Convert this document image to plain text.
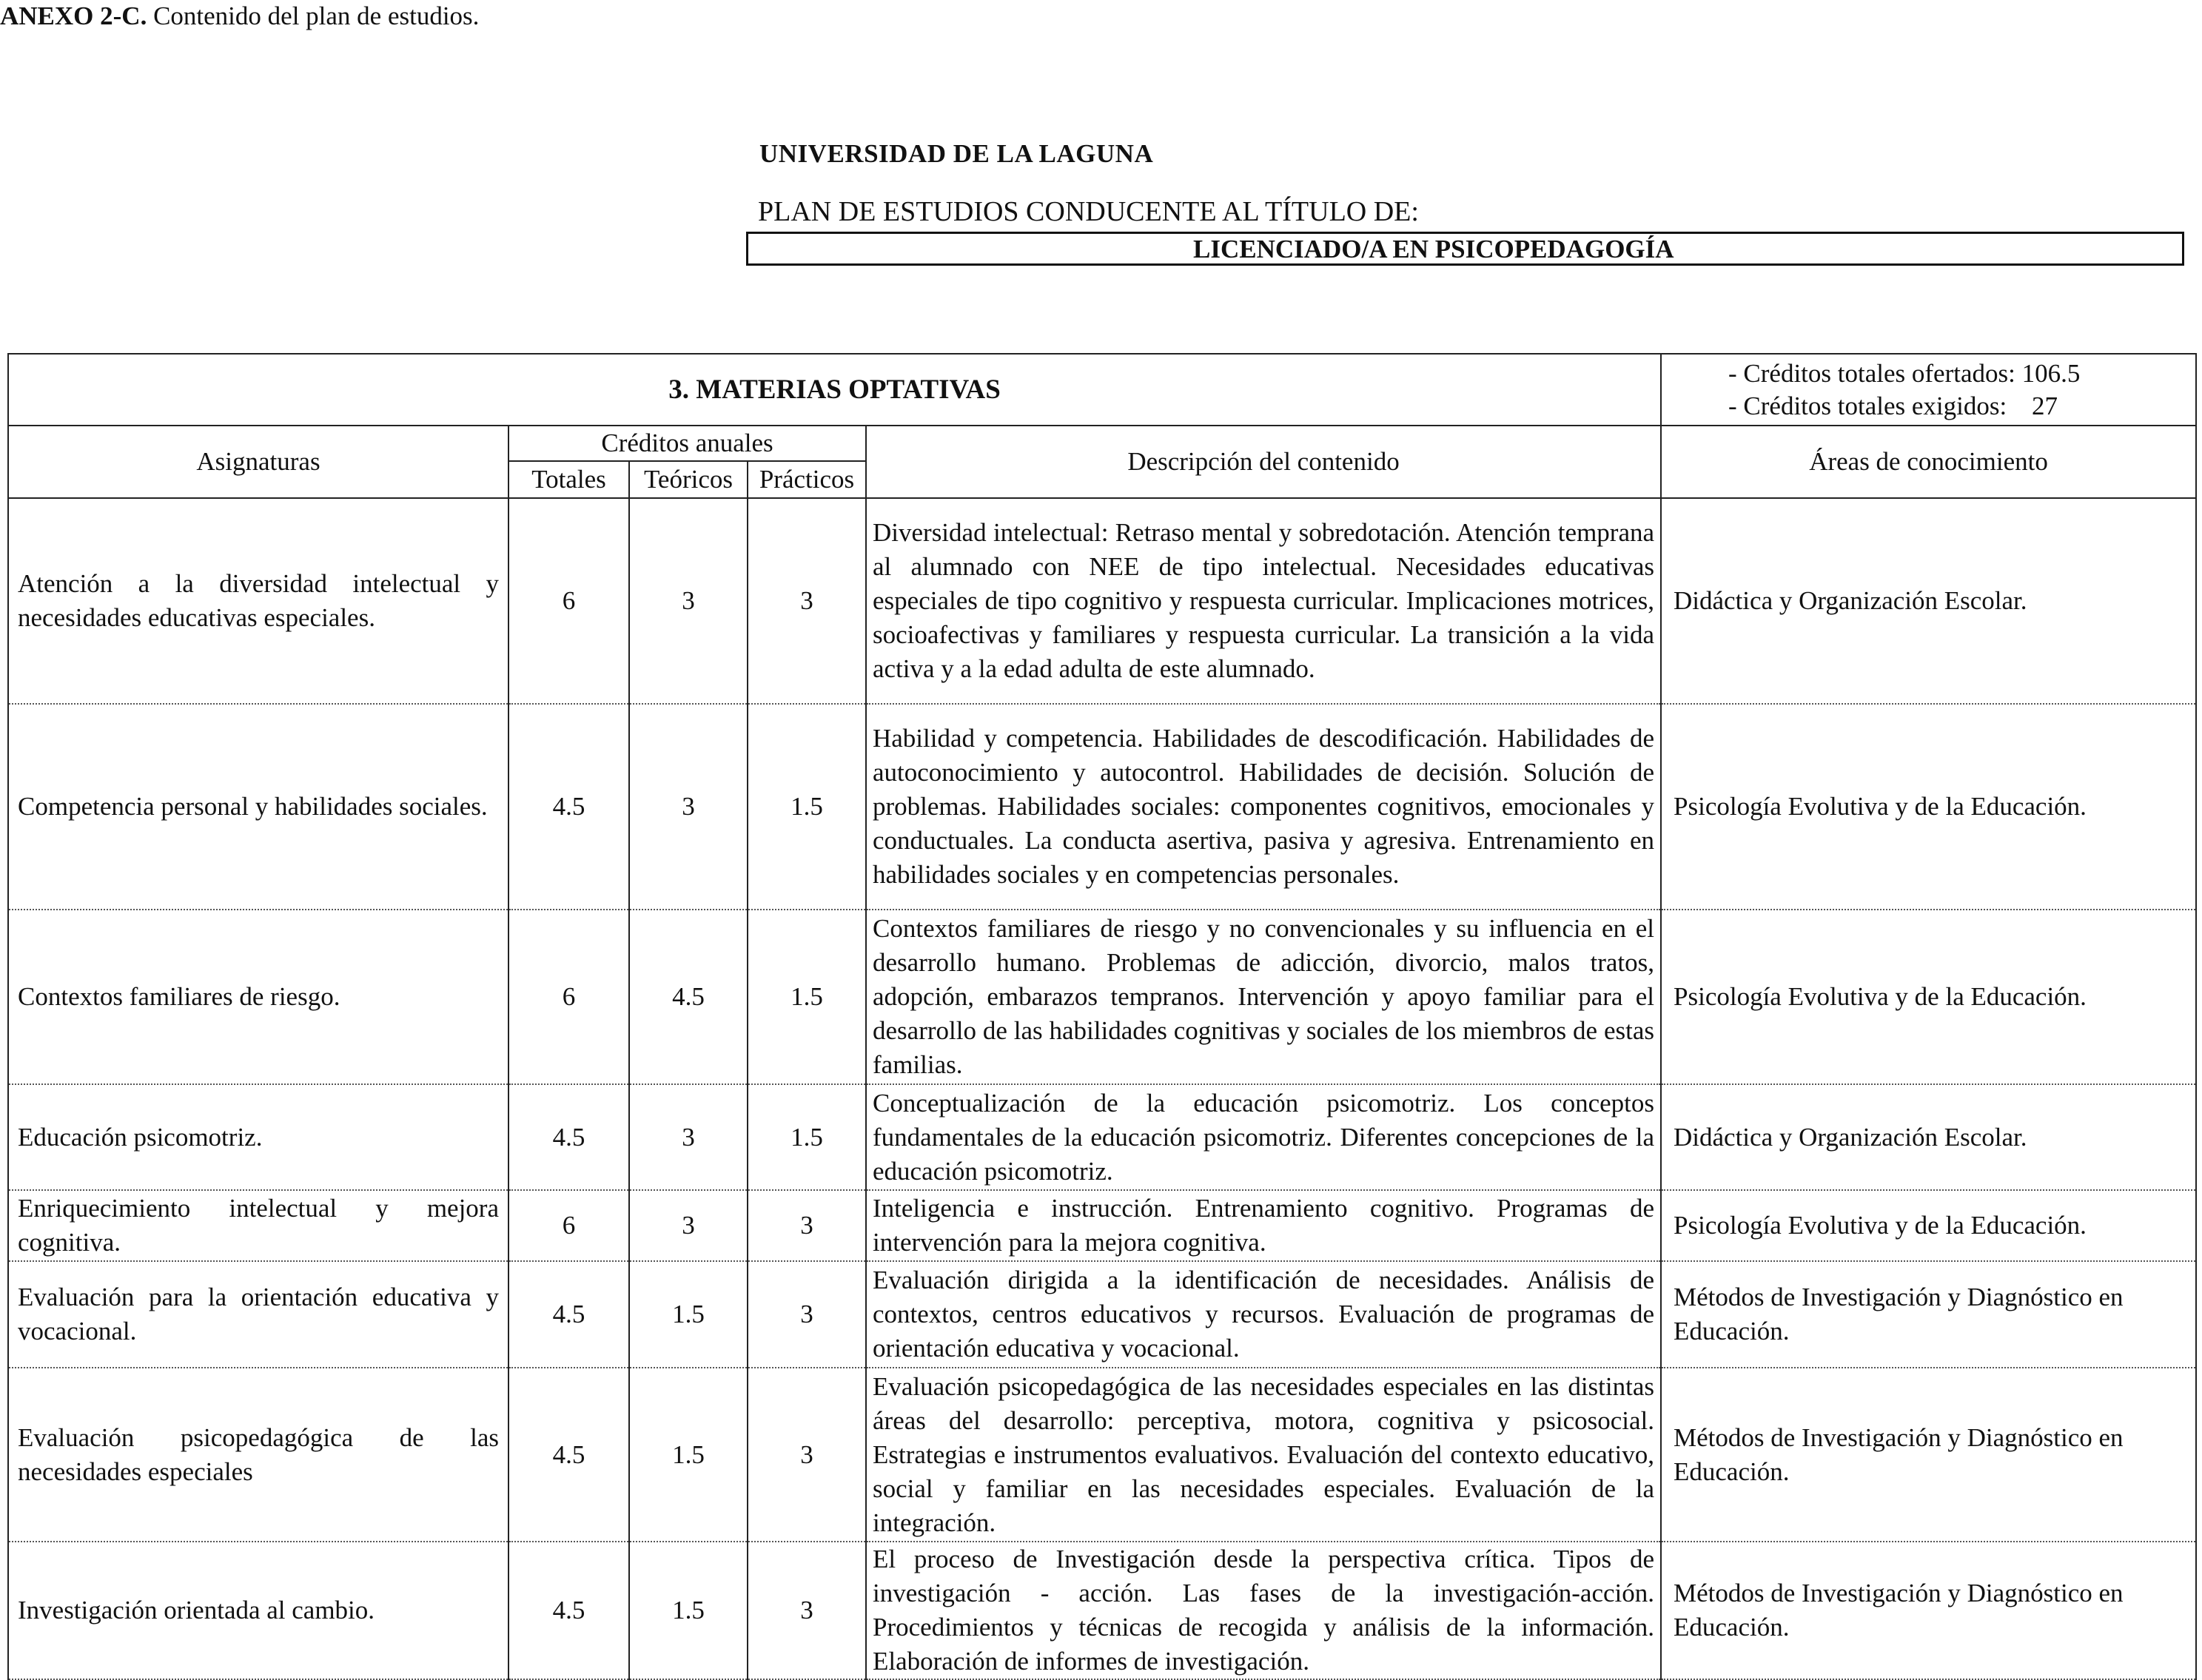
ANEXO 2-C. Contenido del plan de estudios.
UNIVERSIDAD DE LA LAGUNA
PLAN DE ESTUDIOS CONDUCENTE AL TÍTULO DE:
LICENCIADO/A EN PSICOPEDAGOGÍA
3. MATERIAS OPTATIVAS					- Créditos totales ofertados: 106.5
- Créditos totales exigidos: 27

Asignaturas	Créditos anuales			Descripción del contenido	Áreas de conocimiento
	Totales	Teóricos	Prácticos		
Atención a la diversidad intelectual y necesidades educativas especiales.	6	3	3	Diversidad intelectual: Retraso mental y sobredotación. Atención temprana al alumnado con NEE de tipo intelectual. Necesidades educativas especiales de tipo cognitivo y respuesta curricular. Implicaciones motrices, socioafectivas y familiares y respuesta curricular. La transición a la vida activa y a la edad adulta de este alumnado.	Didáctica y Organización Escolar.
Competencia personal y habilidades sociales.	4.5	3	1.5	Habilidad y competencia. Habilidades de descodificación. Habilidades de autoconocimiento y autocontrol. Habilidades de decisión. Solución de problemas. Habilidades sociales: componentes cognitivos, emocionales y conductuales. La conducta asertiva, pasiva y agresiva. Entrenamiento en habilidades sociales y en competencias personales.	Psicología Evolutiva y de la Educación.
Contextos familiares de riesgo.	6	4.5	1.5	Contextos familiares de riesgo y no convencionales y su influencia en el desarrollo humano. Problemas de adicción, divorcio, malos tratos, adopción, embarazos tempranos. Intervención y apoyo familiar para el desarrollo de las habilidades cognitivas y sociales de los miembros de estas familias.	Psicología Evolutiva y de la Educación.
Educación psicomotriz.	4.5	3	1.5	Conceptualización de la educación psicomotriz. Los conceptos fundamentales de la educación psicomotriz. Diferentes concepciones de la educación psicomotriz.	Didáctica y Organización Escolar.
Enriquecimiento intelectual y mejora cognitiva.	6	3	3	Inteligencia e instrucción. Entrenamiento cognitivo. Programas de intervención para la mejora cognitiva.	Psicología Evolutiva y de la Educación.
Evaluación para la orientación educativa y vocacional.	4.5	1.5	3	Evaluación dirigida a la identificación de necesidades. Análisis de contextos, centros educativos y recursos. Evaluación de programas de orientación educativa y vocacional.	Métodos de Investigación y Diagnóstico en Educación.
Evaluación psicopedagógica de las necesidades especiales	4.5	1.5	3	Evaluación psicopedagógica de las necesidades especiales en las distintas áreas del desarrollo: perceptiva, motora, cognitiva y psicosocial. Estrategias e instrumentos evaluativos. Evaluación del contexto educativo, social y familiar en las necesidades especiales. Evaluación de la integración.	Métodos de Investigación y Diagnóstico en Educación.
Investigación orientada al cambio.	4.5	1.5	3	El proceso de Investigación desde la perspectiva crítica. Tipos de investigación - acción. Las fases de la investigación-acción. Procedimientos y técnicas de recogida y análisis de la información. Elaboración de informes de investigación.	Métodos de Investigación y Diagnóstico en Educación.
